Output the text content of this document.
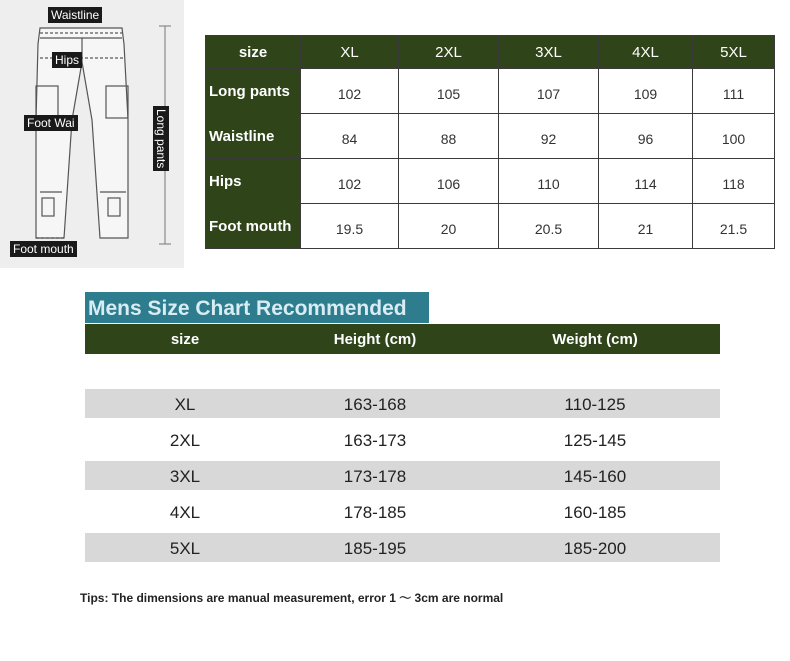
Waistline
Hips
Foot Wai	Long pants
Foot mouth
size	XL	2XL	3XL	4XL	5XL
Long pants	102	105	107	109	111
Waistline	84	88	92	96	100
Hips	102	106	110	114	118
Foot mouth	19.5	20	20.5	21	21.5
Mens Size Chart Recommended
size	Height (cm)	Weight (cm)
XL	163-168	110-125
2XL	163-173	125-145
3XL	173-178	145-160
4XL	178-185	160-185
5XL	185-195	185-200
Tips: The dimensions are manual measurement, error 1 ～ 3cm are normal
